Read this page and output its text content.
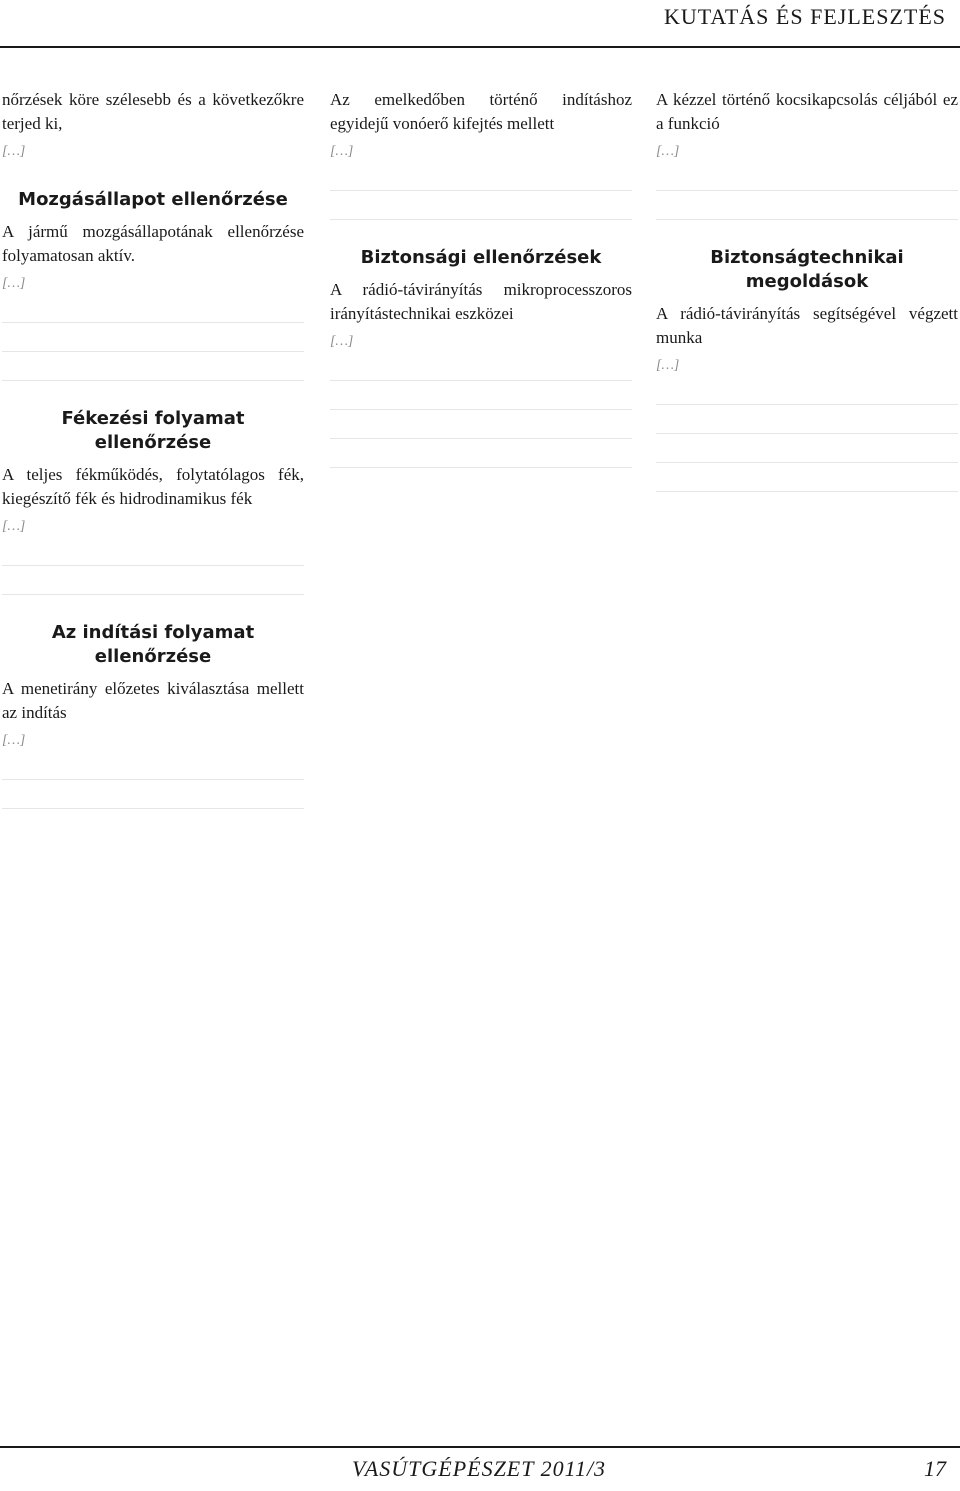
KUTATÁS ÉS FEJLESZTÉS

nőrzések köre szélesebb és a következőkre terjed ki,

[…]
Mozgásállapot ellenőrzése

A jármű mozgásállapotának ellenőrzése folyamatosan aktív.

[…]
Fékezési folyamat ellenőrzése

A teljes fékműködés, folytatólagos fék, kiegészítő fék és hidrodinamikus fék

[…]
Az indítási folyamat ellenőrzése

A menetirány előzetes kiválasztása mellett az indítás

[…]

Az emelkedőben történő indításhoz egyidejű vonóerő kifejtés mellett

[…]
Biztonsági ellenőrzések

A rádió-távirányítás mikroprocesszoros irányítástechnikai eszközei

[…]

A kézzel történő kocsikapcsolás céljából ez a funkció

[…]
Biztonságtechnikai megoldások

A rádió-távirányítás segítségével végzett munka

[…]
VASÚTGÉPÉSZET 2011/3	17
